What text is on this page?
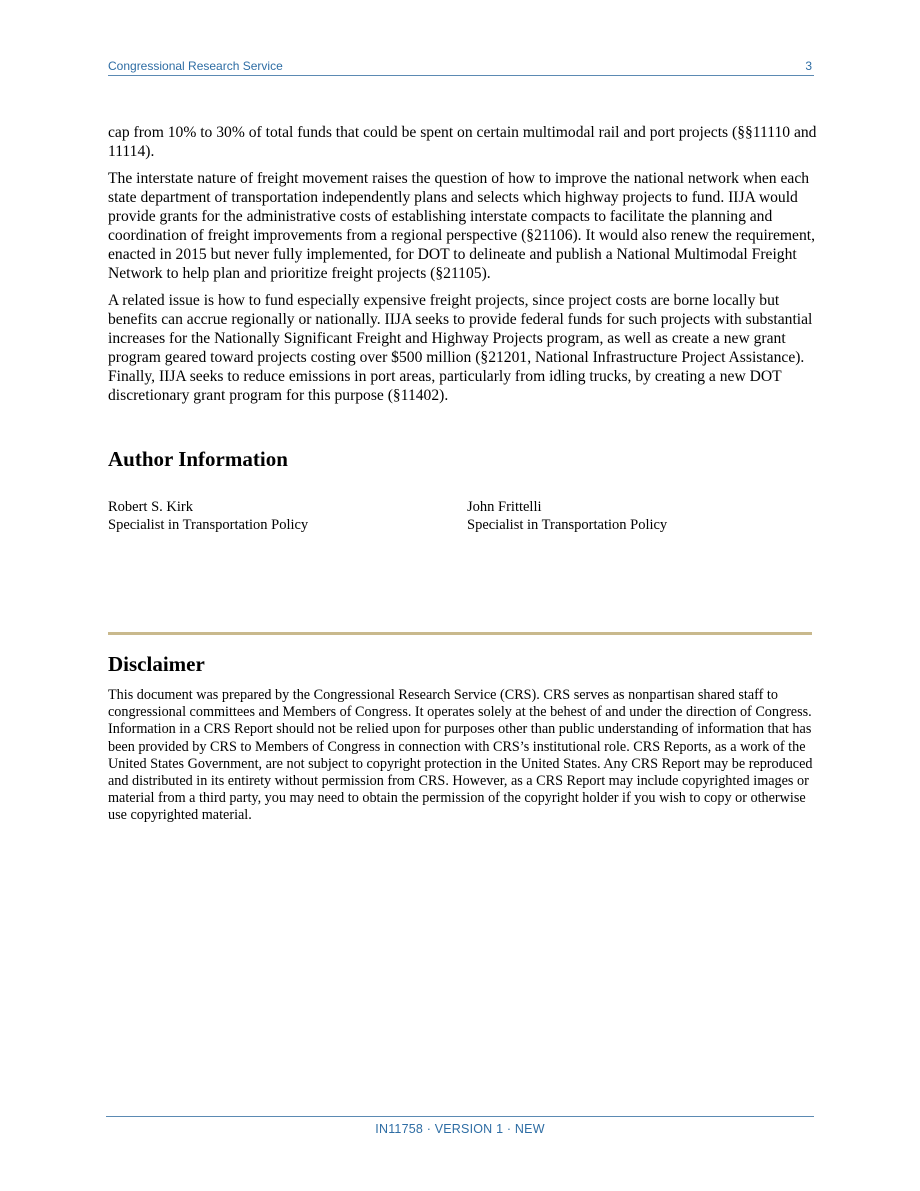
Congressional Research Service	3

cap from 10% to 30% of total funds that could be spent on certain multimodal rail and port projects (§§11110 and 11114).

The interstate nature of freight movement raises the question of how to improve the national network when each state department of transportation independently plans and selects which highway projects to fund. IIJA would provide grants for the administrative costs of establishing interstate compacts to facilitate the planning and coordination of freight improvements from a regional perspective (§21106). It would also renew the requirement, enacted in 2015 but never fully implemented, for DOT to delineate and publish a National Multimodal Freight Network to help plan and prioritize freight projects (§21105).

A related issue is how to fund especially expensive freight projects, since project costs are borne locally but benefits can accrue regionally or nationally. IIJA seeks to provide federal funds for such projects with substantial increases for the Nationally Significant Freight and Highway Projects program, as well as create a new grant program geared toward projects costing over $500 million (§21201, National Infrastructure Project Assistance). Finally, IIJA seeks to reduce emissions in port areas, particularly from idling trucks, by creating a new DOT discretionary grant program for this purpose (§11402).

Author Information
Robert S. Kirk
Specialist in Transportation Policy
John Frittelli
Specialist in Transportation Policy
Disclaimer

This document was prepared by the Congressional Research Service (CRS). CRS serves as nonpartisan shared staff to congressional committees and Members of Congress. It operates solely at the behest of and under the direction of Congress. Information in a CRS Report should not be relied upon for purposes other than public understanding of information that has been provided by CRS to Members of Congress in connection with CRS’s institutional role. CRS Reports, as a work of the United States Government, are not subject to copyright protection in the United States. Any CRS Report may be reproduced and distributed in its entirety without permission from CRS. However, as a CRS Report may include copyrighted images or material from a third party, you may need to obtain the permission of the copyright holder if you wish to copy or otherwise use copyrighted material.

IN11758 · VERSION 1 · NEW
